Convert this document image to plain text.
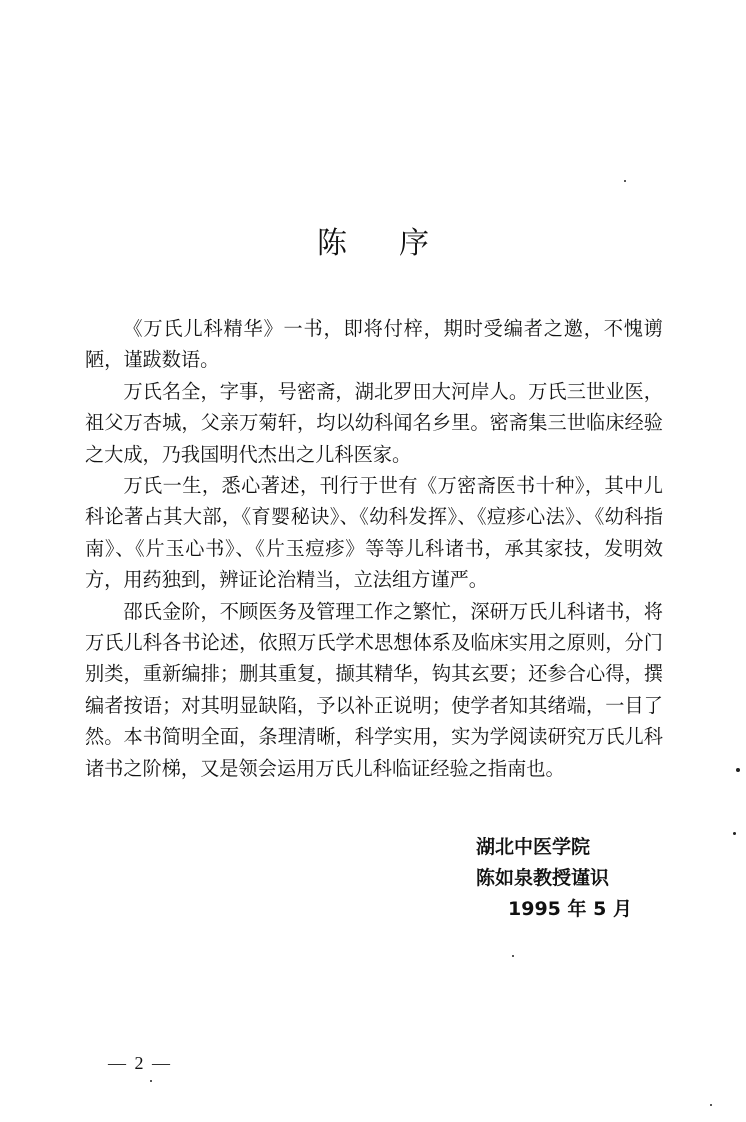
陈 序

《万氏儿科精华》一书，即将付梓，期时受编者之邀，不愧谫陋，谨跋数语。

万氏名全，字事，号密斋，湖北罗田大河岸人。万氏三世业医，祖父万杏城，父亲万菊轩，均以幼科闻名乡里。密斋集三世临床经验之大成，乃我国明代杰出之儿科医家。

万氏一生，悉心著述，刊行于世有《万密斋医书十种》，其中儿科论著占其大部，《育婴秘诀》、《幼科发挥》、《痘疹心法》、《幼科指南》、《片玉心书》、《片玉痘疹》等等儿科诸书，承其家技，发明效方，用药独到，辨证论治精当，立法组方谨严。

邵氏金阶，不顾医务及管理工作之繁忙，深研万氏儿科诸书，将万氏儿科各书论述，依照万氏学术思想体系及临床实用之原则，分门别类，重新编排；删其重复，撷其精华，钩其玄要；还参合心得，撰编者按语；对其明显缺陷，予以补正说明；使学者知其绪端，一目了然。本书简明全面，条理清晰，科学实用，实为学阅读研究万氏儿科诸书之阶梯，又是领会运用万氏儿科临证经验之指南也。

湖北中医学院
陈如泉教授谨识
1995 年 5 月
— 2 —
